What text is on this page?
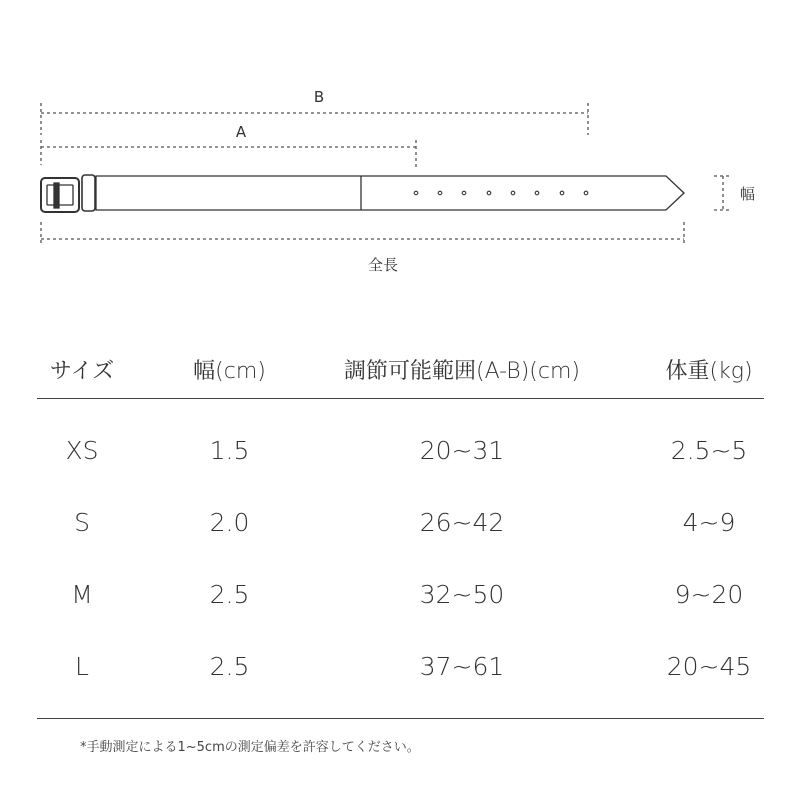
B
A
幅
全長
サイズ	幅(cm)	調節可能範囲(A-B)(cm)	体重(kg)
XS	1.5	20~31	2.5~5
S	2.0	26~42	4~9
M	2.5	32~50	9~20
L	2.5	37~61	20~45
*手動測定による1~5cmの測定偏差を許容してください。
